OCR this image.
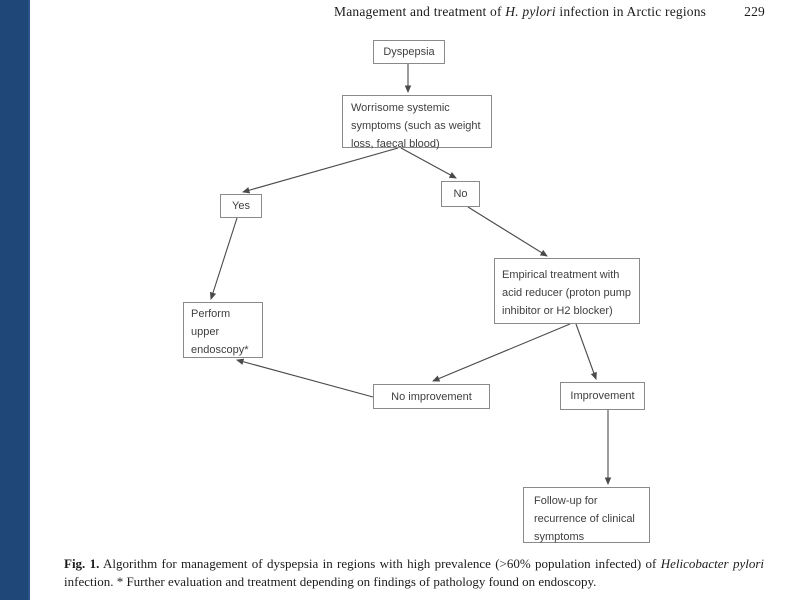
Management and treatment of H. pylori infection in Arctic regions	229
Dyspepsia
Worrisome systemic symptoms (such as weight loss, faecal blood)
Yes
No
Empirical treatment with acid reducer (proton pump inhibitor or H2 blocker)
Perform upper endoscopy*
No improvement	Improvement
Follow-up for recurrence of clinical symptoms
Fig. 1. Algorithm for management of dyspepsia in regions with high prevalence (>60% population infected) of Helicobacter pylori infection. * Further evaluation and treatment depending on findings of pathology found on endoscopy.
